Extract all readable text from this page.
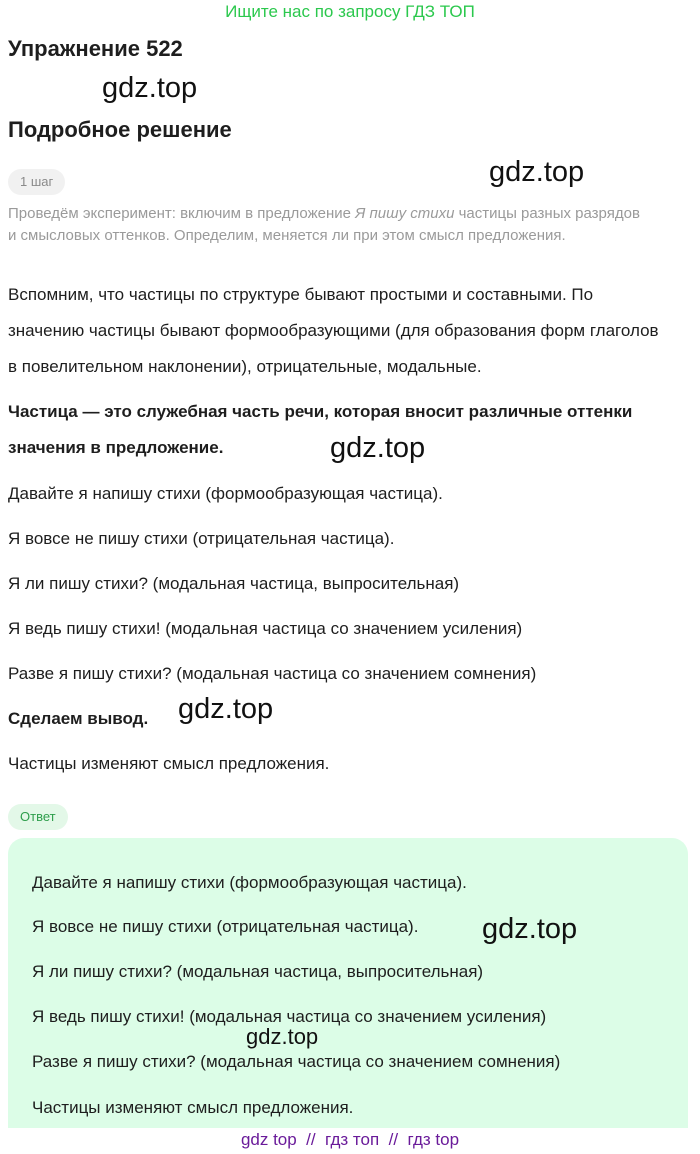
Ищите нас по запросу ГДЗ ТОП
Упражнение 522
gdz.top
Подробное решение
gdz.top
1 шаг
Проведём эксперимент: включим в предложение Я пишу стихи частицы разных разрядов и смысловых оттенков. Определим, меняется ли при этом смысл предложения.
Вспомним, что частицы по структуре бывают простыми и составными. По значению частицы бывают формообразующими (для образования форм глаголов в повелительном наклонении), отрицательные, модальные.
Частица — это служебная часть речи, которая вносит различные оттенки значения в предложение.	gdz.top
Давайте я напишу стихи (формообразующая частица).
Я вовсе не пишу стихи (отрицательная частица).
Я ли пишу стихи? (модальная частица, выпросительная)
Я ведь пишу стихи! (модальная частица со значением усиления)
Разве я пишу стихи? (модальная частица со значением сомнения)
Сделаем вывод. gdz.top
Частицы изменяют смысл предложения.
Ответ
Давайте я напишу стихи (формообразующая частица).
Я вовсе не пишу стихи (отрицательная частица). gdz.top
Я ли пишу стихи? (модальная частица, выпросительная)
Я ведь пишу стихи! (модальная частица со значением усиления)
gdz.top
Разве я пишу стихи? (модальная частица со значением сомнения)
Частицы изменяют смысл предложения.
gdz top  //  гдз топ  //  гдз top
